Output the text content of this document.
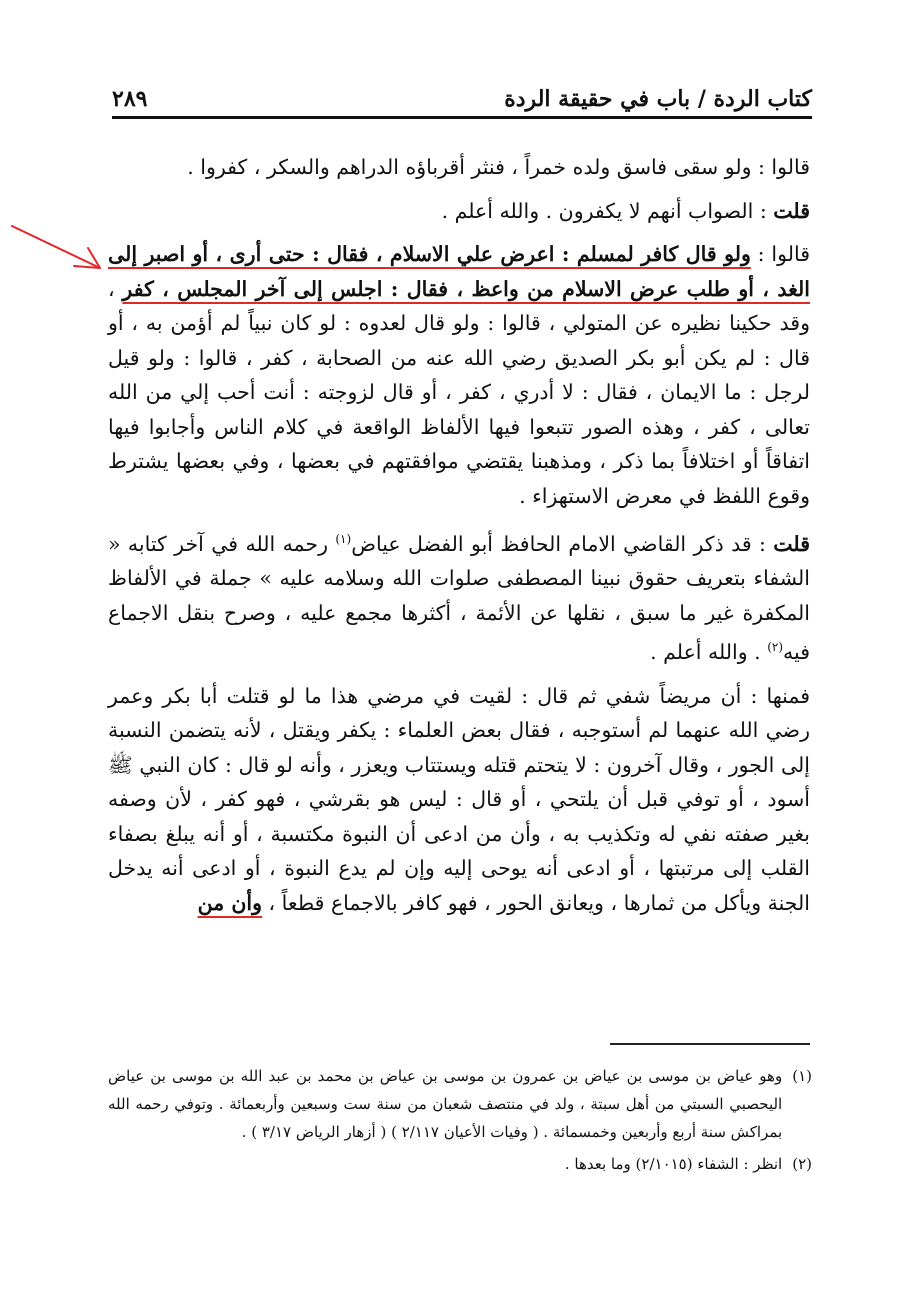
كتاب الردة / باب في حقيقة الردة
٢٨٩

قالوا : ولو سقى فاسق ولده خمراً ، فنثر أقرباؤه الدراهم والسكر ، كفروا .

قلت : الصواب أنهم لا يكفرون . والله أعلم .

قالوا : ولو قال كافر لمسلم : اعرض علي الاسلام ، فقال : حتى أرى ، أو اصبر إلى الغد ، أو طلب عرض الاسلام من واعظ ، فقال : اجلس إلى آخر المجلس ، كفر ، وقد حكينا نظيره عن المتولي ، قالوا : ولو قال لعدوه : لو كان نبياً لم أؤمن به ، أو قال : لم يكن أبو بكر الصديق رضي الله عنه من الصحابة ، كفر ، قالوا : ولو قيل لرجل : ما الايمان ، فقال : لا أدري ، كفر ، أو قال لزوجته : أنت أحب إلي من الله تعالى ، كفر ، وهذه الصور تتبعوا فيها الألفاظ الواقعة في كلام الناس وأجابوا فيها اتفاقاً أو اختلافاً بما ذكر ، ومذهبنا يقتضي موافقتهم في بعضها ، وفي بعضها يشترط وقوع اللفظ في معرض الاستهزاء .

قلت : قد ذكر القاضي الامام الحافظ أبو الفضل عياض$^{(١)}$ رحمه الله في آخر كتابه « الشفاء بتعريف حقوق نبينا المصطفى صلوات الله وسلامه عليه » جملة في الألفاظ المكفرة غير ما سبق ، نقلها عن الأئمة ، أكثرها مجمع عليه ، وصرح بنقل الاجماع فيه$^{(٢)}$ . والله أعلم .

فمنها : أن مريضاً شفي ثم قال : لقيت في مرضي هذا ما لو قتلت أبا بكر وعمر رضي الله عنهما لم أستوجبه ، فقال بعض العلماء : يكفر ويقتل ، لأنه يتضمن النسبة إلى الجور ، وقال آخرون : لا يتحتم قتله ويستتاب ويعزر ، وأنه لو قال : كان النبي ﷺ أسود ، أو توفي قبل أن يلتحي ، أو قال : ليس هو بقرشي ، فهو كفر ، لأن وصفه بغير صفته نفي له وتكذيب به ، وأن من ادعى أن النبوة مكتسبة ، أو أنه يبلغ بصفاء القلب إلى مرتبتها ، أو ادعى أنه يوحى إليه وإن لم يدع النبوة ، أو ادعى أنه يدخل الجنة ويأكل من ثمارها ، ويعانق الحور ، فهو كافر بالاجماع قطعاً ، وأن من

(١)
وهو عياض بن موسى بن عياض بن عمرون بن موسى بن عياض بن محمد بن عبد الله بن موسى بن عياض اليحصبي السبتي من أهل سبتة ، ولد في منتصف شعبان من سنة ست وسبعين وأربعمائة . وتوفي رحمه الله بمراكش سنة أربع وأربعين وخمسمائة . ( وفيات الأعيان ٢/١١٧ ) ( أزهار الرياض ٣/١٧ ) .
(٢)
انظر : الشفاء (٢/١٠١٥) وما بعدها .
